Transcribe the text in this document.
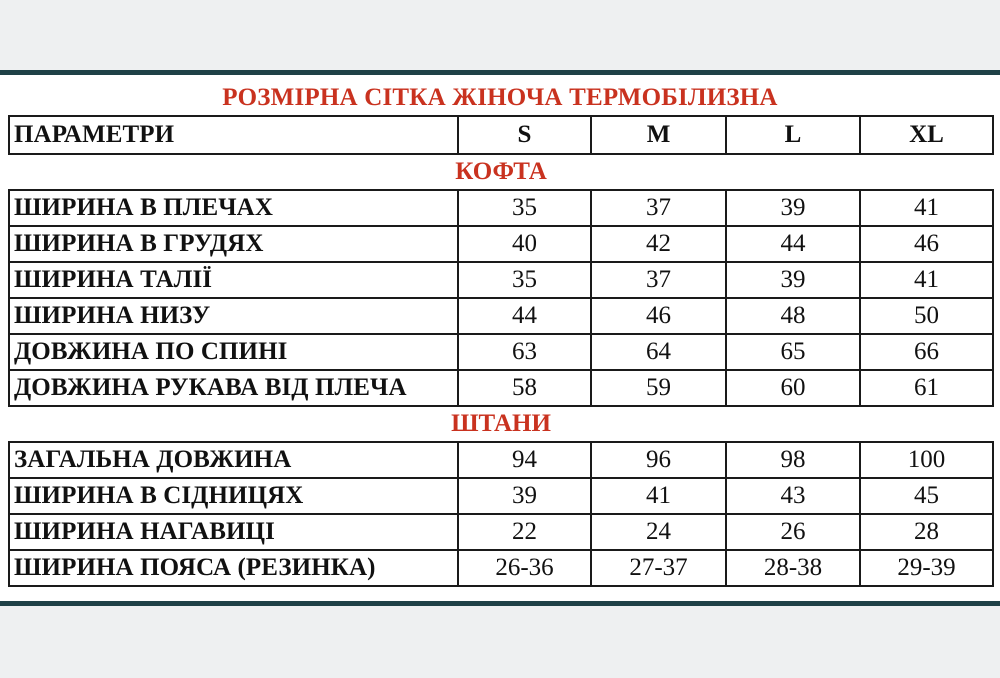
РОЗМІРНА СІТКА ЖІНОЧА ТЕРМОБІЛИЗНА
ПАРАМЕТРИ	S	M	L	XL
КОФТА				
ШИРИНА В ПЛЕЧАХ	35	37	39	41
ШИРИНА В ГРУДЯХ	40	42	44	46
ШИРИНА ТАЛІЇ	35	37	39	41
ШИРИНА НИЗУ	44	46	48	50
ДОВЖИНА ПО СПИНІ	63	64	65	66
ДОВЖИНА РУКАВА ВІД ПЛЕЧА	58	59	60	61
ШТАНИ				
ЗАГАЛЬНА ДОВЖИНА	94	96	98	100
ШИРИНА В СІДНИЦЯХ	39	41	43	45
ШИРИНА НАГАВИЦІ	22	24	26	28
ШИРИНА ПОЯСА (РЕЗИНКА)	26-36	27-37	28-38	29-39
